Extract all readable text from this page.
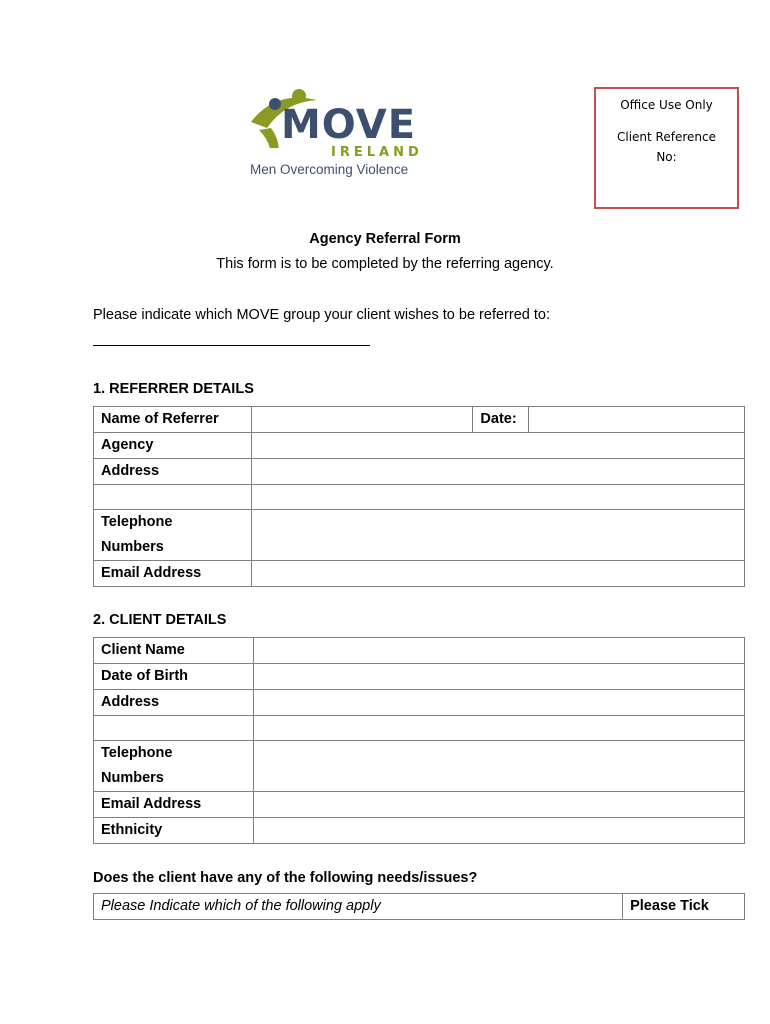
MOVE
IRELAND
Men Overcoming Violence
Office Use Only
Client Reference
No:
Agency Referral Form
This form is to be completed by the referring agency.
Please indicate which MOVE group your client wishes to be referred to:
1. REFERRER DETAILS
Name of Referrer		Date:	
Agency			
Address			

Telephone
Numbers			

Email Address			
2. CLIENT DETAILS
Client Name	
Date of Birth	
Address	

Telephone
Numbers	

Email Address	
Ethnicity	
Does the client have any of the following needs/issues?
Please Indicate which of the following apply	Please Tick
